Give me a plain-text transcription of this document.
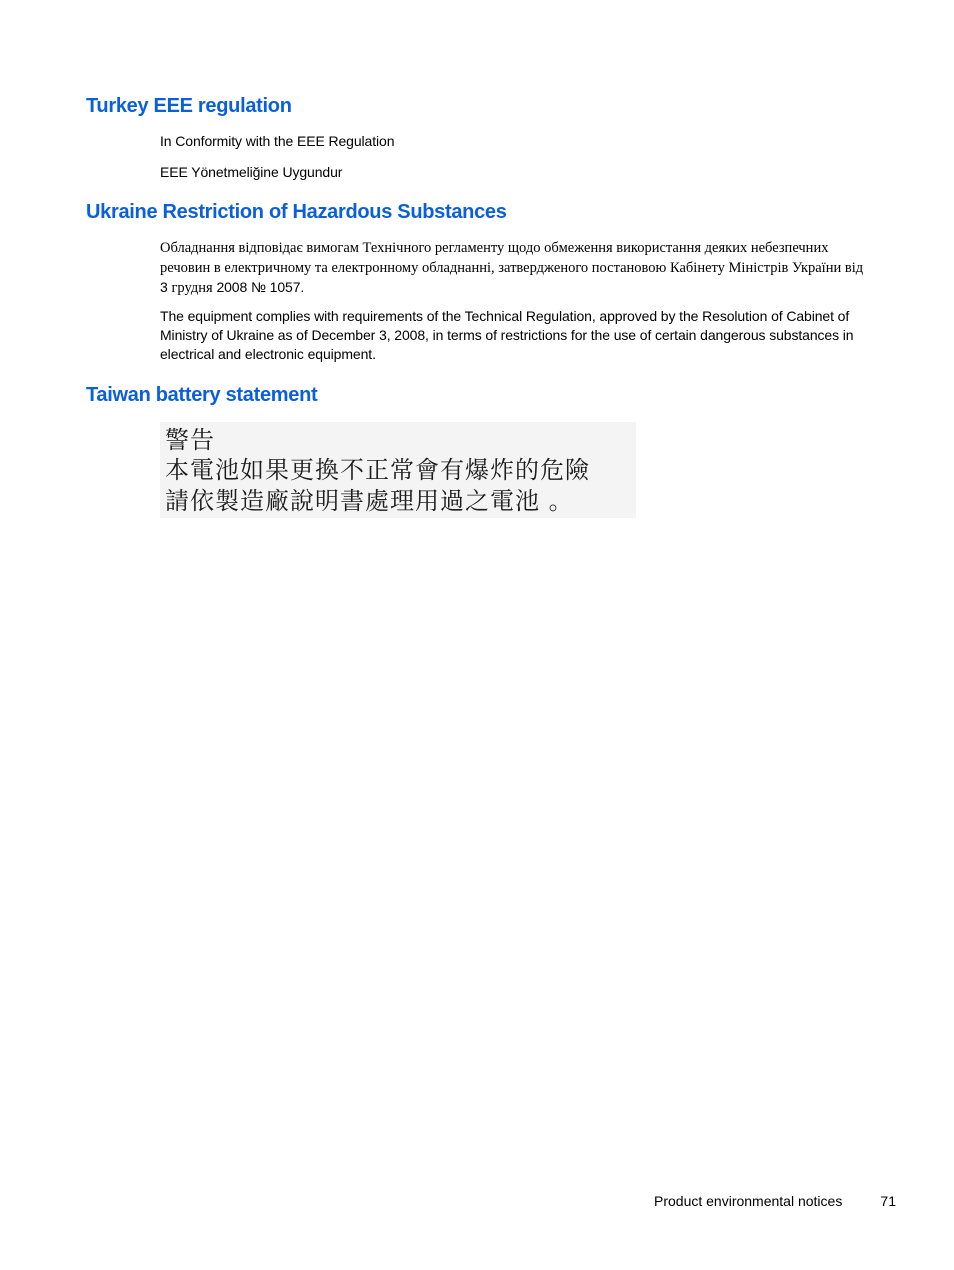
Turkey EEE regulation

In Conformity with the EEE Regulation

EEE Yönetmeliğine Uygundur

Ukraine Restriction of Hazardous Substances

Обладнання відповідає вимогам Технічного регламенту щодо обмеження використання деяких небезпечних речовин в електричному та електронному обладнанні, затвердженого постановою Кабінету Міністрів України від 3 грудня 2008 № 1057.

The equipment complies with requirements of the Technical Regulation, approved by the Resolution of Cabinet of Ministry of Ukraine as of December 3, 2008, in terms of restrictions for the use of certain dangerous substances in electrical and electronic equipment.

Taiwan battery statement

警告

本電池如果更換不正常會有爆炸的危險

請依製造廠說明書處理用過之電池 。

Product environmental notices	71
